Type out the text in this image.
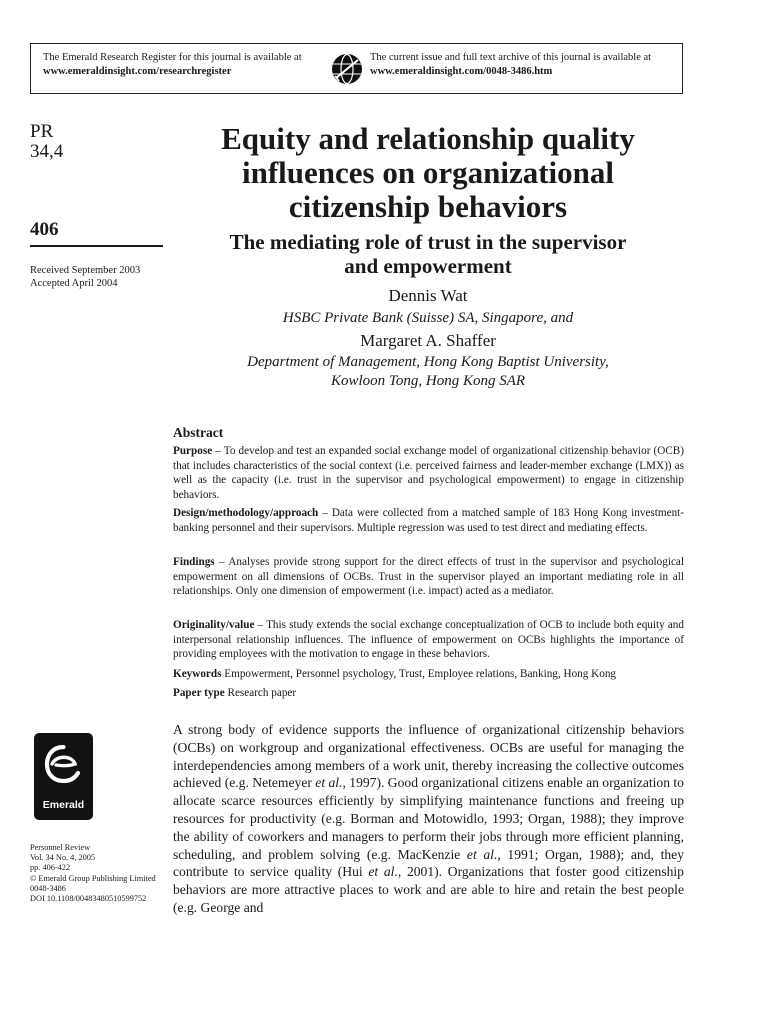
The Emerald Research Register for this journal is available at
www.emeraldinsight.com/researchregister
The current issue and full text archive of this journal is available at
www.emeraldinsight.com/0048-3486.htm
PR
34,4
406
Received September 2003
Accepted April 2004
Equity and relationship quality
influences on organizational
citizenship behaviors
The mediating role of trust in the supervisor
and empowerment
Dennis Wat
HSBC Private Bank (Suisse) SA, Singapore, and
Margaret A. Shaffer
Department of Management, Hong Kong Baptist University,
Kowloon Tong, Hong Kong SAR
Abstract
Purpose – To develop and test an expanded social exchange model of organizational citizenship behavior (OCB) that includes characteristics of the social context (i.e. perceived fairness and leader-member exchange (LMX)) as well as the capacity (i.e. trust in the supervisor and psychological empowerment) to engage in citizenship behaviors.
Design/methodology/approach – Data were collected from a matched sample of 183 Hong Kong investment-banking personnel and their supervisors. Multiple regression was used to test direct and mediating effects.
Findings – Analyses provide strong support for the direct effects of trust in the supervisor and psychological empowerment on all dimensions of OCBs. Trust in the supervisor played an important mediating role in all relationships. Only one dimension of empowerment (i.e. impact) acted as a mediator.
Originality/value – This study extends the social exchange conceptualization of OCB to include both equity and interpersonal relationship influences. The influence of empowerment on OCBs highlights the importance of providing employees with the motivation to engage in these behaviors.
Keywords Empowerment, Personnel psychology, Trust, Employee relations, Banking, Hong Kong
Paper type Research paper
A strong body of evidence supports the influence of organizational citizenship behaviors (OCBs) on workgroup and organizational effectiveness. OCBs are useful for managing the interdependencies among members of a work unit, thereby increasing the collective outcomes achieved (e.g. Netemeyer et al., 1997). Good organizational citizens enable an organization to allocate scarce resources efficiently by simplifying maintenance functions and freeing up resources for productivity (e.g. Borman and Motowidlo, 1993; Organ, 1988); they improve the ability of coworkers and managers to perform their jobs through more efficient planning, scheduling, and problem solving (e.g. MacKenzie et al., 1991; Organ, 1988); and, they contribute to service quality (Hui et al., 2001). Organizations that foster good citizenship behaviors are more attractive places to work and are able to hire and retain the best people (e.g. George and
Emerald
Personnel Review
Vol. 34 No. 4, 2005
pp. 406-422
© Emerald Group Publishing Limited
0048-3486
DOI 10.1108/00483480510599752
